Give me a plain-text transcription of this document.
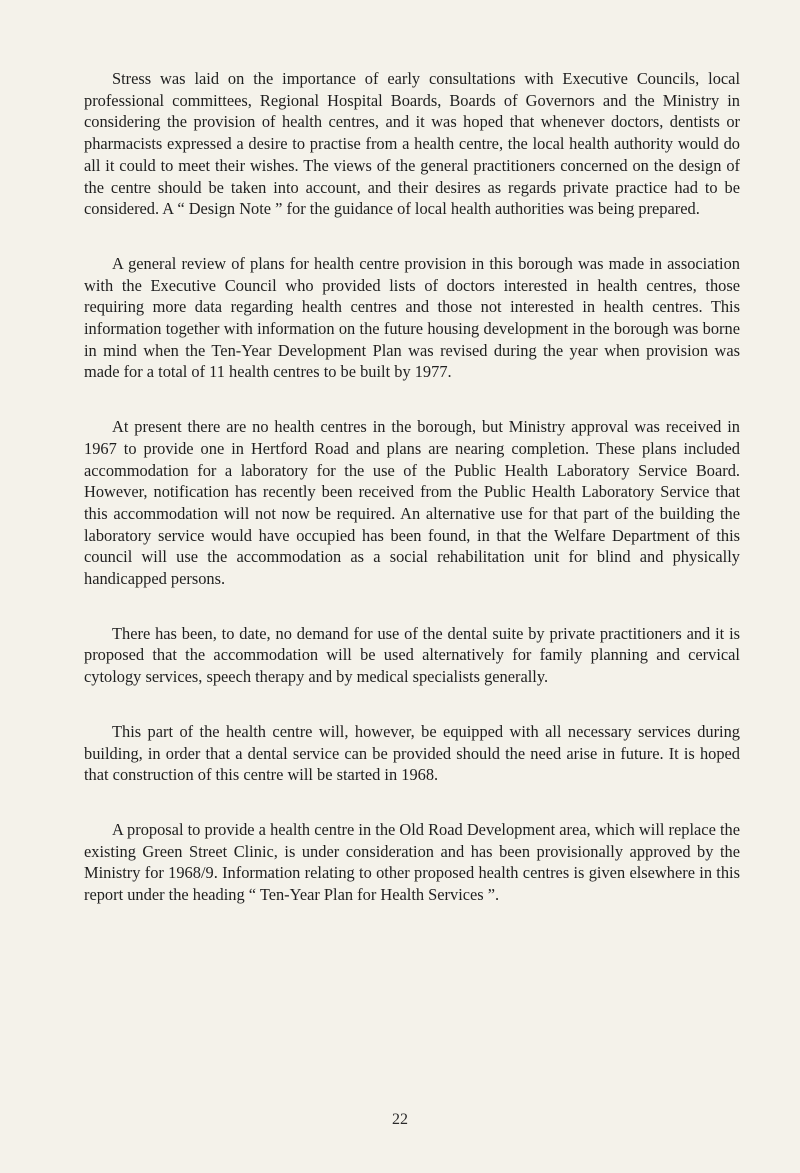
Stress was laid on the importance of early consultations with Executive Councils, local professional committees, Regional Hospital Boards, Boards of Governors and the Ministry in considering the provision of health centres, and it was hoped that whenever doctors, dentists or pharmacists expressed a desire to practise from a health centre, the local health authority would do all it could to meet their wishes. The views of the general practitioners concerned on the design of the centre should be taken into account, and their desires as regards private practice had to be considered. A “ Design Note ” for the guidance of local health authorities was being prepared.

A general review of plans for health centre provision in this borough was made in association with the Executive Council who provided lists of doctors interested in health centres, those requiring more data regarding health centres and those not interested in health centres. This information together with information on the future housing development in the borough was borne in mind when the Ten-Year Development Plan was revised during the year when provision was made for a total of 11 health centres to be built by 1977.

At present there are no health centres in the borough, but Ministry approval was received in 1967 to provide one in Hertford Road and plans are nearing completion. These plans included accommodation for a laboratory for the use of the Public Health Laboratory Service Board. However, notification has recently been received from the Public Health Laboratory Service that this accommodation will not now be required. An alternative use for that part of the building the laboratory service would have occupied has been found, in that the Welfare Department of this council will use the accommodation as a social rehabilitation unit for blind and physically handicapped persons.

There has been, to date, no demand for use of the dental suite by private practitioners and it is proposed that the accommodation will be used alternatively for family planning and cervical cytology services, speech therapy and by medical specialists generally.

This part of the health centre will, however, be equipped with all necessary services during building, in order that a dental service can be provided should the need arise in future. It is hoped that construction of this centre will be started in 1968.

A proposal to provide a health centre in the Old Road Development area, which will replace the existing Green Street Clinic, is under consideration and has been provisionally approved by the Ministry for 1968/9. Information relating to other proposed health centres is given elsewhere in this report under the heading “ Ten-Year Plan for Health Services ”.

22
